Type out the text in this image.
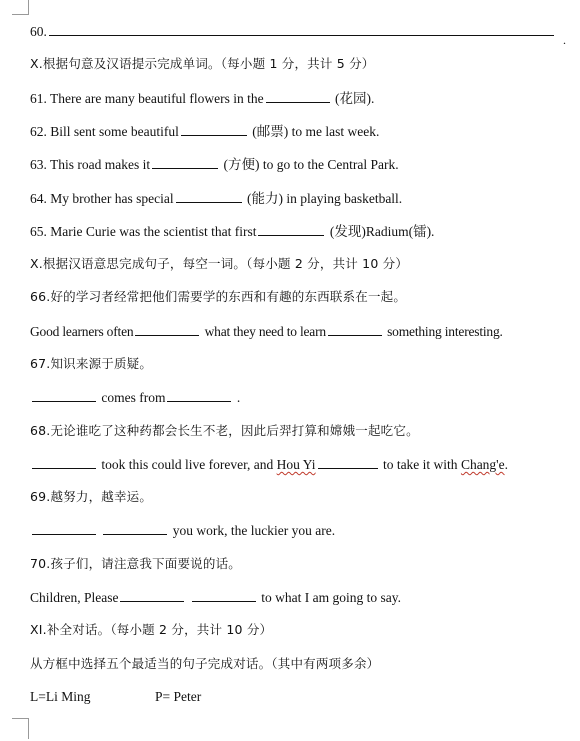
60.
.
X.根据句意及汉语提示完成单词。（每小题 1 分，共计 5 分）
61. There are many beautiful flowers in the	(花园).
62. Bill sent some beautiful	(邮票) to me last week.
63. This road makes it	(方便) to go to the Central Park.
64. My brother has special	(能力) in playing basketball.
65. Marie Curie was the scientist that first	(发现)Radium(镭).
X.根据汉语意思完成句子，每空一词。（每小题 2 分，共计 10 分）
66.好的学习者经常把他们需要学的东西和有趣的东西联系在一起。
Good learners often	what they need to learn	something interesting.
67.知识来源于质疑。
comes from	.
68.无论谁吃了这种药都会长生不老，因此后羿打算和嫦娥一起吃它。
took this could live forever, and Hou Yi	to take it with Chang'e.
69.越努力，越幸运。
you work, the luckier you are.
70.孩子们，请注意我下面要说的话。
Children, Please	to what I am going to say.
XI.补全对话。（每小题 2 分，共计 10 分）
从方框中选择五个最适当的句子完成对话。（其中有两项多余）
L=Li Ming	P= Peter
